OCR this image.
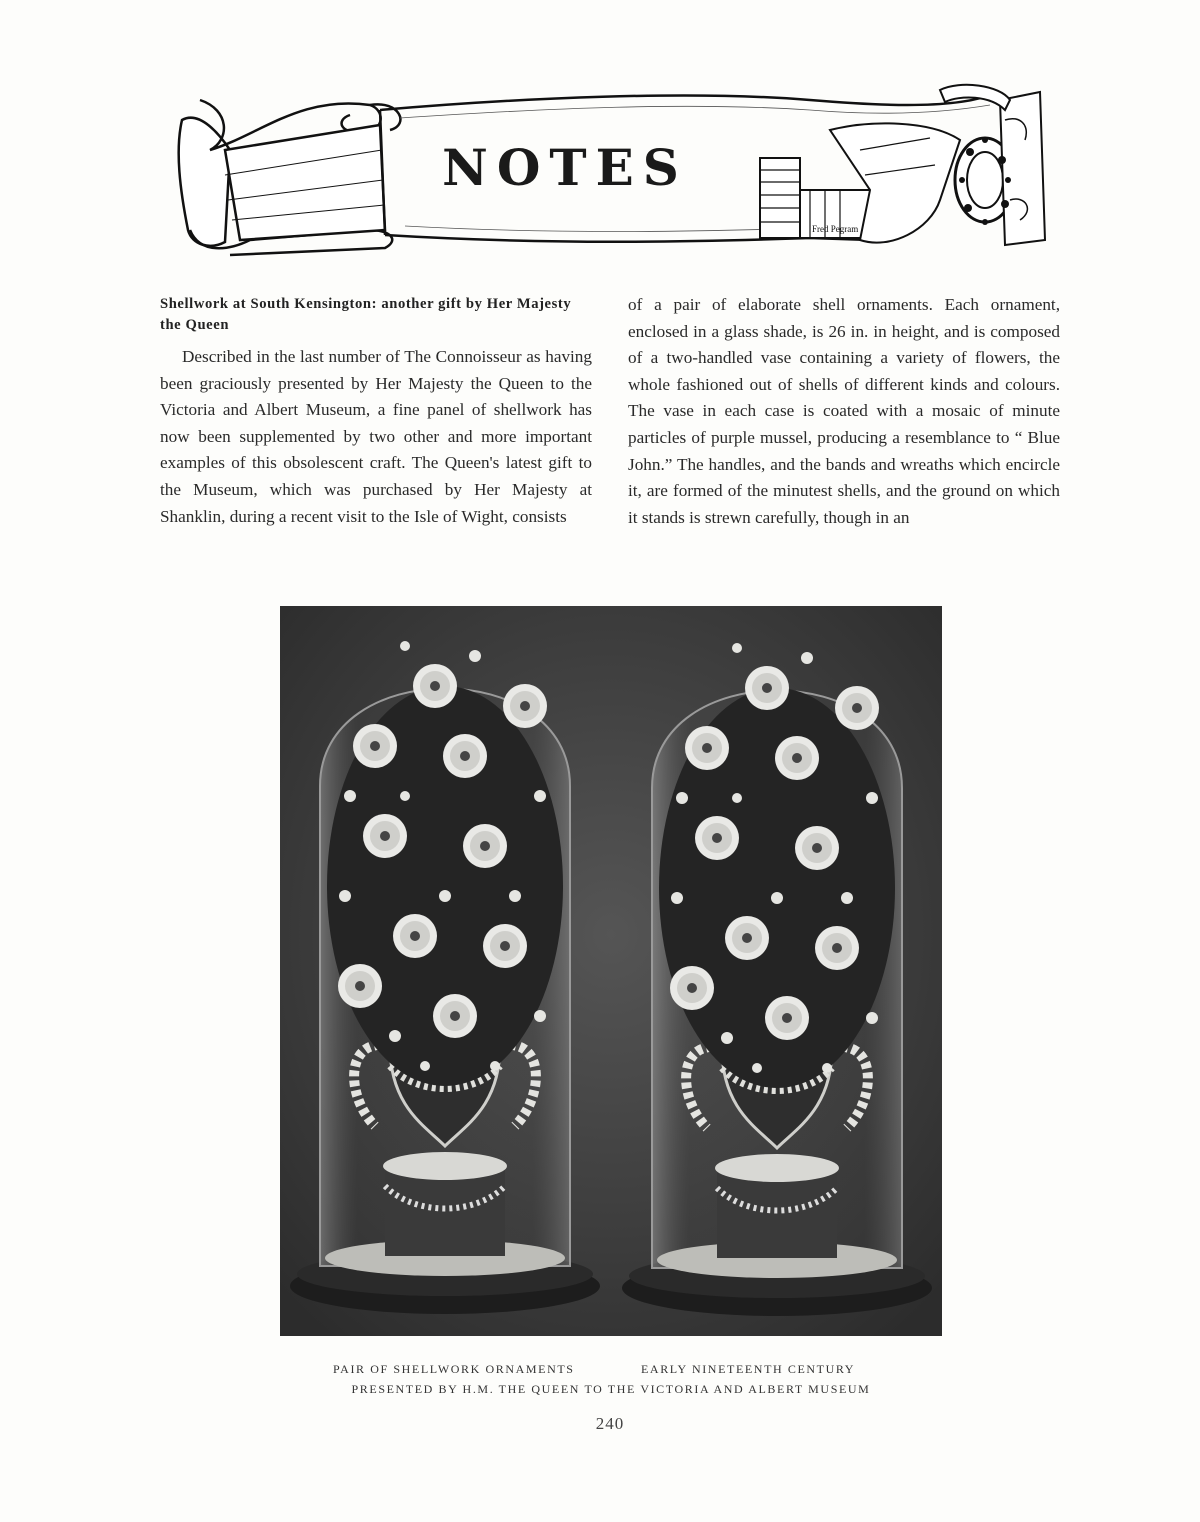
Fred Pegram
NOTES
Shellwork at South Kensington: another gift by Her Majesty the Queen

Described in the last number of The Connoisseur as having been graciously presented by Her Majesty the Queen to the Victoria and Albert Museum, a fine panel of shellwork has now been supplemented by two other and more important examples of this obsolescent craft. The Queen's latest gift to the Museum, which was purchased by Her Majesty at Shanklin, during a recent visit to the Isle of Wight, consists

of a pair of elaborate shell ornaments. Each ornament, enclosed in a glass shade, is 26 in. in height, and is composed of a two-handled vase containing a variety of flowers, the whole fashioned out of shells of different kinds and colours. The vase in each case is coated with a mosaic of minute particles of purple mussel, producing a resemblance to “ Blue John.” The handles, and the bands and wreaths which encircle it, are formed of the minutest shells, and the ground on which it stands is strewn carefully, though in an

PAIR OF SHELLWORK ORNAMENTS	EARLY NINETEENTH CENTURY
PRESENTED BY H.M. THE QUEEN TO THE VICTORIA AND ALBERT MUSEUM
240
